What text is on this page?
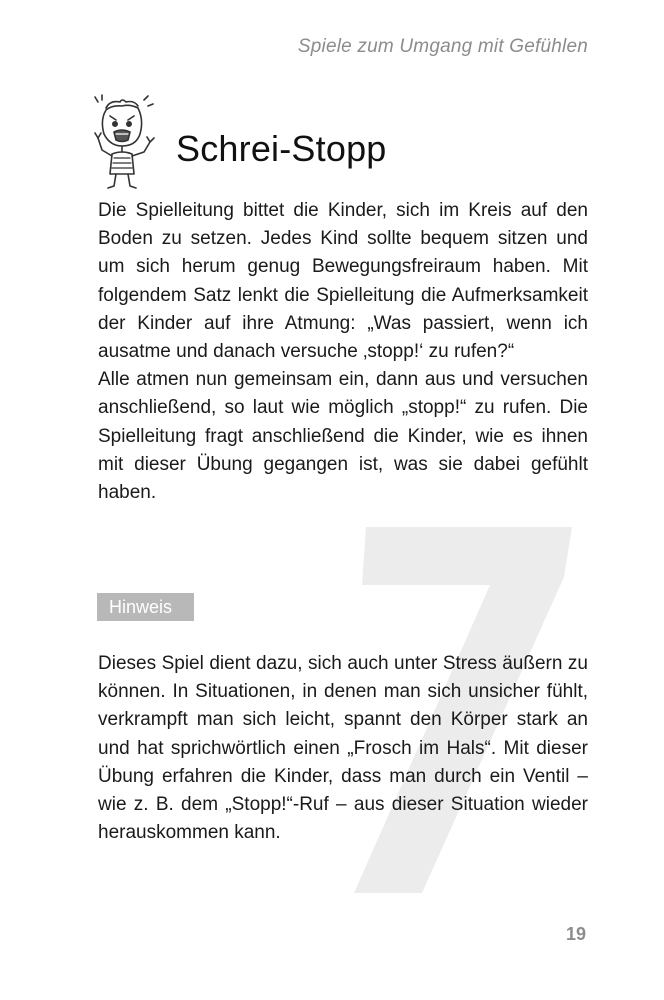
Spiele zum Umgang mit Gefühlen
Schrei-Stopp

Die Spielleitung bittet die Kinder, sich im Kreis auf den Boden zu setzen. Jedes Kind sollte bequem sitzen und um sich herum genug Bewegungsfreiraum haben. Mit folgendem Satz lenkt die Spielleitung die Aufmerksamkeit der Kinder auf ihre Atmung: „Was passiert, wenn ich ausatme und danach versuche ‚stopp!‘ zu rufen?“
Alle atmen nun gemeinsam ein, dann aus und versuchen anschließend, so laut wie möglich „stopp!“ zu rufen. Die Spielleitung fragt anschließend die Kinder, wie es ihnen mit dieser Übung gegangen ist, was sie dabei gefühlt haben.

Hinweis

Dieses Spiel dient dazu, sich auch unter Stress äußern zu können. In Situationen, in denen man sich unsicher fühlt, verkrampft man sich leicht, spannt den Körper stark an und hat sprichwörtlich einen „Frosch im Hals“. Mit dieser Übung erfahren die Kinder, dass man durch ein Ventil – wie z. B. dem „Stopp!“-Ruf – aus dieser Situation wieder herauskommen kann.

19
